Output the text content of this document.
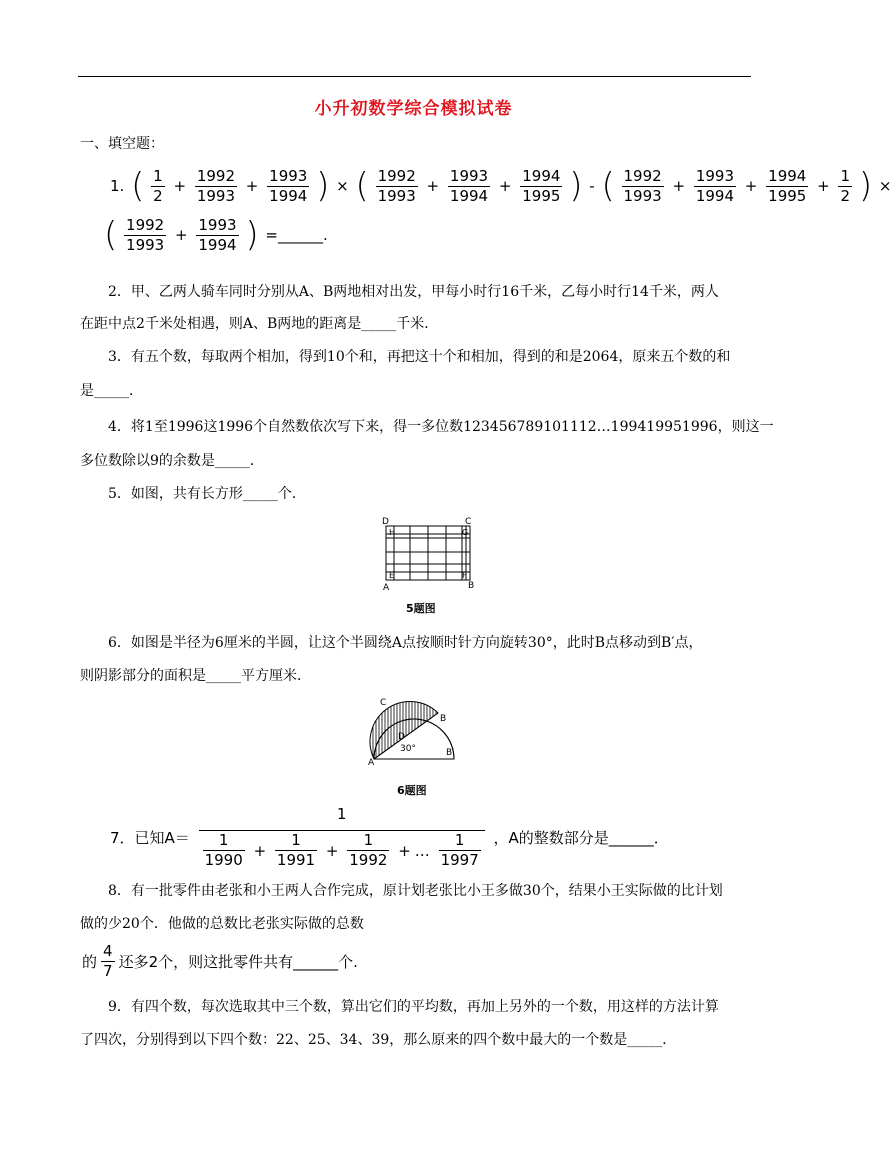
小升初数学综合模拟试卷
一、填空题：
1. ( $\frac{1}{2} + \frac{1992}{1993} + \frac{1993}{1994}$ ) × ( $\frac{1992}{1993} + \frac{1993}{1994} + \frac{1994}{1995}$ ) - ( $\frac{1992}{1993} + \frac{1993}{1994} + \frac{1994}{1995} + \frac{1}{2}$ ) ×
( $\frac{1992}{1993} + \frac{1993}{1994}$ ) =______.
2．甲、乙两人骑车同时分别从A、B两地相对出发，甲每小时行16千米，乙每小时行14千米，两人
在距中点2千米处相遇，则A、B两地的距离是_____千米．
3．有五个数，每取两个相加，得到10个和，再把这十个和相加，得到的和是2064，原来五个数的和
是_____．
4．将1至1996这1996个自然数依次写下来，得一多位数123456789101112…199419951996，则这一
多位数除以9的余数是_____．
5．如图，共有长方形_____个．
D	C
H	G
E	F
A	B
5题图
6．如图是半径为6厘米的半圆，让这个半圆绕A点按顺时针方向旋转30°，此时B点移动到B′点，
则阴影部分的面积是_____平方厘米．
C
B
D
30°
A
B′
6题图
7．已知A＝
1
$\frac{1}{1990} + \frac{1}{1991} + \frac{1}{1992}$ + … $\frac{1}{1997}$ ，A的整数部分是______．
8．有一批零件由老张和小王两人合作完成，原计划老张比小王多做30个，结果小王实际做的比计划
做的少20个．他做的总数比老张实际做的总数
的 $\frac{4}{7}$ 还多2个，则这批零件共有______个.
9．有四个数，每次选取其中三个数，算出它们的平均数，再加上另外的一个数，用这样的方法计算
了四次，分别得到以下四个数：22、25、34、39，那么原来的四个数中最大的一个数是_____．
